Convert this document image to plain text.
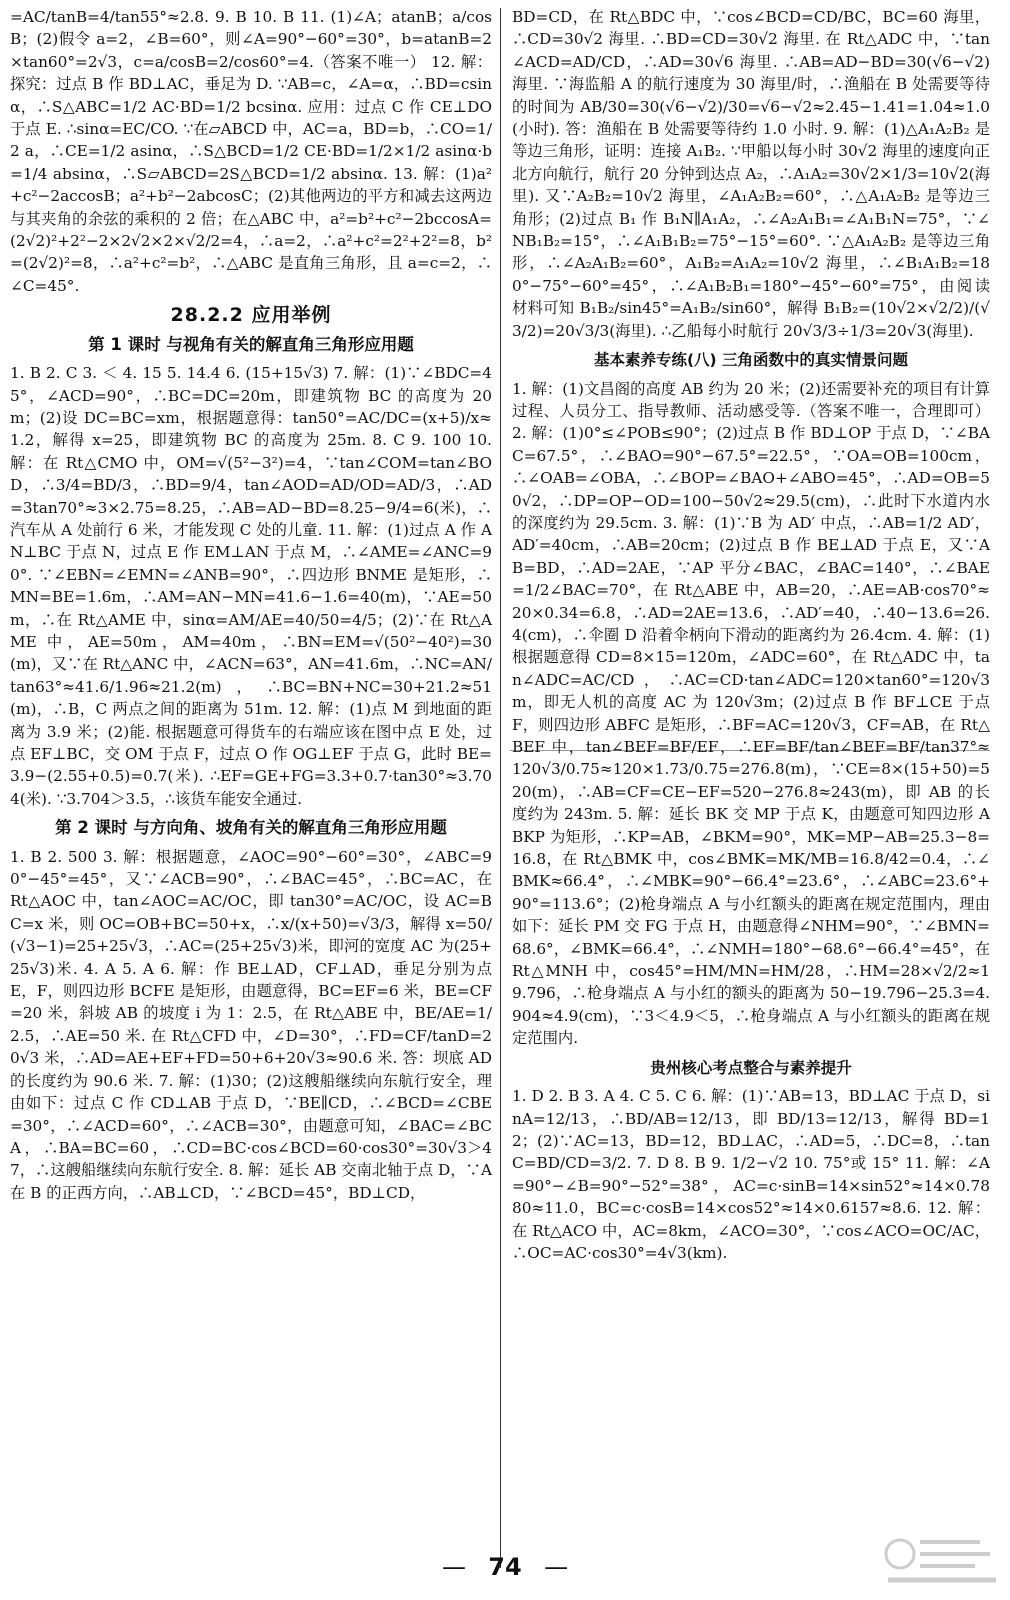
=AC/tanB=4/tan55°≈2.8. 9. B 10. B 11. (1)∠A；atanB；a/cosB；(2)假令 a=2，∠B=60°，则∠A=90°−60°=30°，b=atanB=2×tan60°=2√3，c=a/cosB=2/cos60°=4.（答案不唯一） 12. 解：探究：过点 B 作 BD⊥AC，垂足为 D. ∵AB=c，∠A=α，∴BD=csinα，∴S△ABC=1/2 AC·BD=1/2 bcsinα. 应用：过点 C 作 CE⊥DO 于点 E. ∴sinα=EC/CO. ∵在▱ABCD 中，AC=a，BD=b，∴CO=1/2 a，∴CE=1/2 asinα，∴S△BCD=1/2 CE·BD=1/2×1/2 asinα·b=1/4 absinα，∴S▱ABCD=2S△BCD=1/2 absinα. 13. 解：(1)a²+c²−2accosB；a²+b²−2abcosC；(2)其他两边的平方和减去这两边与其夹角的余弦的乘积的 2 倍；在△ABC 中，a²=b²+c²−2bccosA=(2√2)²+2²−2×2√2×2×√2/2=4，∴a=2，∴a²+c²=2²+2²=8，b²=(2√2)²=8，∴a²+c²=b²，∴△ABC 是直角三角形，且 a=c=2，∴∠C=45°.

28.2.2 应用举例
第 1 课时 与视角有关的解直角三角形应用题

1. B 2. C 3. ＜ 4. 15 5. 14.4 6. (15+15√3) 7. 解：(1)∵∠BDC=45°，∠ACD=90°，∴BC=DC=20m，即建筑物 BC 的高度为 20m；(2)设 DC=BC=xm，根据题意得：tan50°=AC/DC=(x+5)/x≈1.2，解得 x=25，即建筑物 BC 的高度为 25m. 8. C 9. 100 10. 解：在 Rt△CMO 中，OM=√(5²−3²)=4，∵tan∠COM=tan∠BOD，∴3/4=BD/3，∴BD=9/4，tan∠AOD=AD/OD=AD/3，∴AD=3tan70°≈3×2.75=8.25，∴AB=AD−BD=8.25−9/4=6(米)，∴汽车从 A 处前行 6 米，才能发现 C 处的儿童. 11. 解：(1)过点 A 作 AN⊥BC 于点 N，过点 E 作 EM⊥AN 于点 M，∴∠AME=∠ANC=90°. ∵∠EBN=∠EMN=∠ANB=90°，∴四边形 BNME 是矩形，∴MN=BE=1.6m，∴AM=AN−MN=41.6−1.6=40(m)，∵AE=50m，∴在 Rt△AME 中，sinα=AM/AE=40/50=4/5；(2)∵在 Rt△AME 中，AE=50m，AM=40m，∴BN=EM=√(50²−40²)=30(m)，又∵在 Rt△ANC 中，∠ACN=63°，AN=41.6m，∴NC=AN/tan63°≈41.6/1.96≈21.2(m)，∴BC=BN+NC=30+21.2≈51(m)，∴B，C 两点之间的距离为 51m. 12. 解：(1)点 M 到地面的距离为 3.9 米；(2)能. 根据题意可得货车的右端应该在图中点 E 处，过点 EF⊥BC，交 OM 于点 F，过点 O 作 OG⊥EF 于点 G，此时 BE=3.9−(2.55+0.5)=0.7(米). ∴EF=GE+FG=3.3+0.7·tan30°≈3.704(米). ∵3.704＞3.5，∴该货车能安全通过.

第 2 课时 与方向角、坡角有关的解直角三角形应用题

1. B 2. 500 3. 解：根据题意，∠AOC=90°−60°=30°，∠ABC=90°−45°=45°，又∵∠ACB=90°，∴∠BAC=45°，∴BC=AC，在 Rt△AOC 中，tan∠AOC=AC/OC，即 tan30°=AC/OC，设 AC=BC=x 米，则 OC=OB+BC=50+x，∴x/(x+50)=√3/3，解得 x=50/(√3−1)=25+25√3，∴AC=(25+25√3)米，即河的宽度 AC 为(25+25√3)米. 4. A 5. A 6. 解：作 BE⊥AD，CF⊥AD，垂足分别为点 E，F，则四边形 BCFE 是矩形，由题意得，BC=EF=6 米，BE=CF=20 米，斜坡 AB 的坡度 i 为 1：2.5，在 Rt△ABE 中，BE/AE=1/2.5，∴AE=50 米. 在 Rt△CFD 中，∠D=30°，∴FD=CF/tanD=20√3 米，∴AD=AE+EF+FD=50+6+20√3≈90.6 米. 答：坝底 AD 的长度约为 90.6 米. 7. 解：(1)30；(2)这艘船继续向东航行安全，理由如下：过点 C 作 CD⊥AB 于点 D，∵BE∥CD，∴∠BCD=∠CBE=30°，∴∠ACD=60°，∴∠ACB=30°，由题意可知，∠BAC=∠BCA，∴BA=BC=60，∴CD=BC·cos∠BCD=60·cos30°=30√3＞47，∴这艘船继续向东航行安全. 8. 解：延长 AB 交南北轴于点 D，∵A 在 B 的正西方向，∴AB⊥CD，∵∠BCD=45°，BD⊥CD，

BD=CD，在 Rt△BDC 中，∵cos∠BCD=CD/BC，BC=60 海里，∴CD=30√2 海里. ∴BD=CD=30√2 海里. 在 Rt△ADC 中，∵tan∠ACD=AD/CD，∴AD=30√6 海里. ∴AB=AD−BD=30(√6−√2)海里. ∵海监船 A 的航行速度为 30 海里/时，∴渔船在 B 处需要等待的时间为 AB/30=30(√6−√2)/30=√6−√2≈2.45−1.41=1.04≈1.0(小时). 答：渔船在 B 处需要等待约 1.0 小时. 9. 解：(1)△A₁A₂B₂ 是等边三角形，证明：连接 A₁B₂. ∵甲船以每小时 30√2 海里的速度向正北方向航行，航行 20 分钟到达点 A₂，∴A₁A₂=30√2×1/3=10√2(海里). 又∵A₂B₂=10√2 海里，∠A₁A₂B₂=60°，∴△A₁A₂B₂ 是等边三角形；(2)过点 B₁ 作 B₁N∥A₁A₂，∴∠A₂A₁B₁=∠A₁B₁N=75°，∵∠NB₁B₂=15°，∴∠A₁B₁B₂=75°−15°=60°. ∵△A₁A₂B₂ 是等边三角形，∴∠A₂A₁B₂=60°，A₁B₂=A₁A₂=10√2 海里，∴∠B₁A₁B₂=180°−75°−60°=45°，∴∠A₁B₂B₁=180°−45°−60°=75°，由阅读材料可知 B₁B₂/sin45°=A₁B₂/sin60°，解得 B₁B₂=(10√2×√2/2)/(√3/2)=20√3/3(海里). ∴乙船每小时航行 20√3/3÷1/3=20√3(海里).

基本素养专练(八) 三角函数中的真实情景问题

1. 解：(1)文昌阁的高度 AB 约为 20 米；(2)还需要补充的项目有计算过程、人员分工、指导教师、活动感受等.（答案不唯一，合理即可） 2. 解：(1)0°≤∠POB≤90°；(2)过点 B 作 BD⊥OP 于点 D，∵∠BAC=67.5°，∴∠BAO=90°−67.5°=22.5°，∵OA=OB=100cm，∴∠OAB=∠OBA，∴∠BOP=∠BAO+∠ABO=45°，∴AD=OB=50√2，∴DP=OP−OD=100−50√2≈29.5(cm)，∴此时下水道内水的深度约为 29.5cm. 3. 解：(1)∵B 为 AD′ 中点，∴AB=1/2 AD′，AD′=40cm，∴AB=20cm；(2)过点 B 作 BE⊥AD 于点 E，又∵AB=BD，∴AD=2AE，∵AP 平分∠BAC，∠BAC=140°，∴∠BAE=1/2∠BAC=70°，在 Rt△ABE 中，AB=20，∴AE=AB·cos70°≈20×0.34=6.8，∴AD=2AE=13.6，∴AD′=40，∴40−13.6=26.4(cm)，∴伞圈 D 沿着伞柄向下滑动的距离约为 26.4cm. 4. 解：(1)根据题意得 CD=8×15=120m，∠ADC=60°，在 Rt△ADC 中，tan∠ADC=AC/CD，∴AC=CD·tan∠ADC=120×tan60°=120√3m，即无人机的高度 AC 为 120√3m；(2)过点 B 作 BF⊥CE 于点 F，则四边形 ABFC 是矩形，∴BF=AC=120√3，CF=AB，在 Rt△BEF 中，tan∠BEF=BF/EF，∴EF=BF/tan∠BEF=BF/tan37°≈120√3/0.75≈120×1.73/0.75=276.8(m)，∵CE=8×(15+50)=520(m)，∴AB=CF=CE−EF=520−276.8≈243(m)，即 AB 的长度约为 243m. 5. 解：延长 BK 交 MP 于点 K，由题意可知四边形 ABKP 为矩形，∴KP=AB，∠BKM=90°，MK=MP−AB=25.3−8=16.8，在 Rt△BMK 中，cos∠BMK=MK/MB=16.8/42=0.4，∴∠BMK≈66.4°，∴∠MBK=90°−66.4°=23.6°，∴∠ABC=23.6°+90°=113.6°；(2)枪身端点 A 与小红额头的距离在规定范围内，理由如下：延长 PM 交 FG 于点 H，由题意得∠NHM=90°，∵∠BMN=68.6°，∠BMK=66.4°，∴∠NMH=180°−68.6°−66.4°=45°，在 Rt△MNH 中，cos45°=HM/MN=HM/28，∴HM=28×√2/2≈19.796，∴枪身端点 A 与小红的额头的距离为 50−19.796−25.3=4.904≈4.9(cm)，∵3＜4.9＜5，∴枪身端点 A 与小红额头的距离在规定范围内.

贵州核心考点整合与素养提升

1. D 2. B 3. A 4. C 5. C 6. 解：(1)∵AB=13，BD⊥AC 于点 D，sinA=12/13，∴BD/AB=12/13，即 BD/13=12/13，解得 BD=12；(2)∵AC=13，BD=12，BD⊥AC，∴AD=5，∴DC=8，∴tanC=BD/CD=3/2. 7. D 8. B 9. 1/2−√2 10. 75°或 15° 11. 解：∠A=90°−∠B=90°−52°=38°，AC=c·sinB=14×sin52°≈14×0.7880≈11.0，BC=c·cosB=14×cos52°≈14×0.6157≈8.6. 12. 解：在 Rt△ACO 中，AC=8km，∠ACO=30°，∵cos∠ACO=OC/AC，∴OC=AC·cos30°=4√3(km).

— 74 —
